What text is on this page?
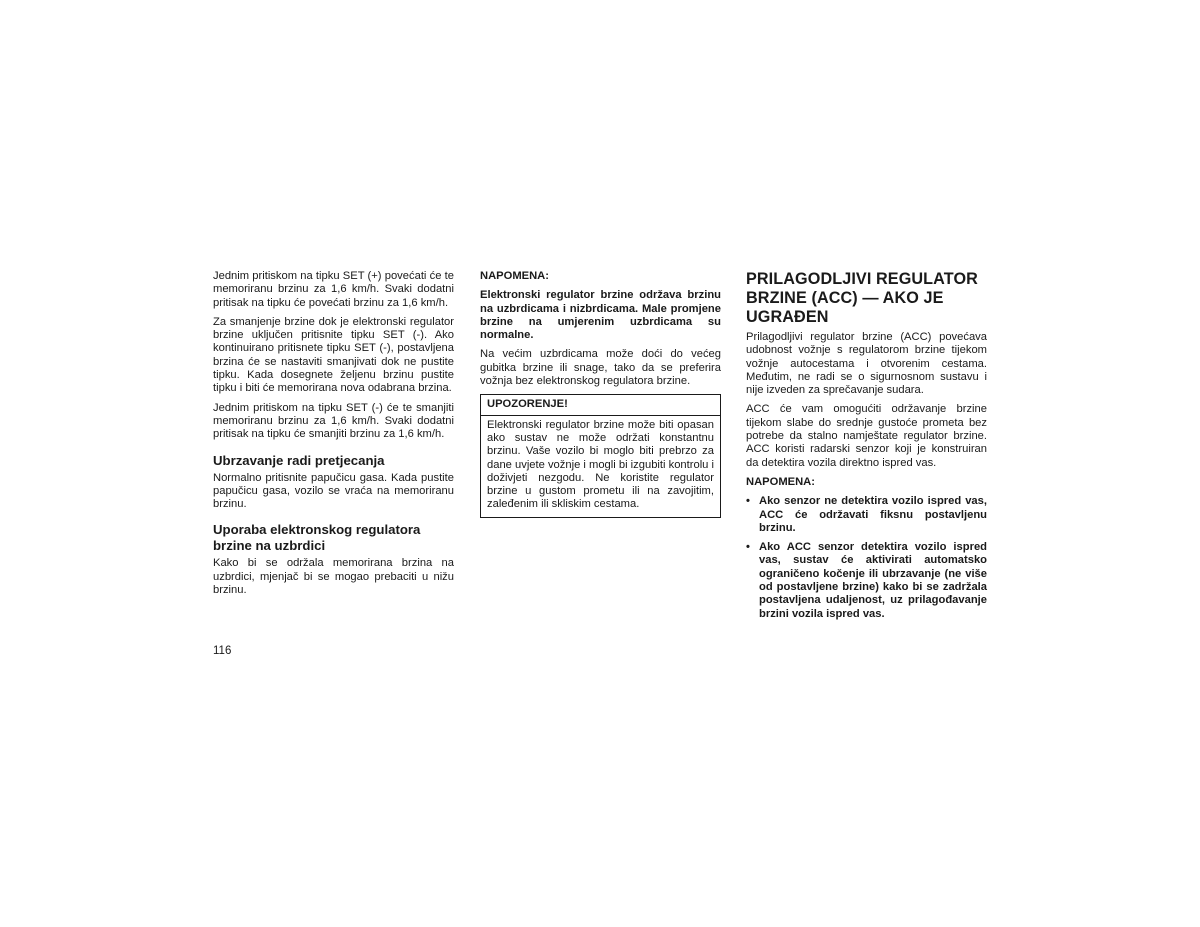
Jednim pritiskom na tipku SET (+) povećati će te memoriranu brzinu za 1,6 km/h. Svaki dodatni pritisak na tipku će povećati brzinu za 1,6 km/h.

Za smanjenje brzine dok je elektronski regulator brzine uključen pritisnite tipku SET (-). Ako kontinuirano pritisnete tipku SET (-), postavljena brzina će se nastaviti smanjivati dok ne pustite tipku. Kada dosegnete željenu brzinu pustite tipku i biti će memorirana nova odabrana brzina.

Jednim pritiskom na tipku SET (-) će te smanjiti memoriranu brzinu za 1,6 km/h. Svaki dodatni pritisak na tipku će smanjiti brzinu za 1,6 km/h.

Ubrzavanje radi pretjecanja

Normalno pritisnite papučicu gasa. Kada pustite papučicu gasa, vozilo se vraća na memoriranu brzinu.

Uporaba elektronskog regulatora brzine na uzbrdici

Kako bi se održala memorirana brzina na uzbrdici, mjenjač bi se mogao prebaciti u nižu brzinu.

NAPOMENA:

Elektronski regulator brzine održava brzinu na uzbrdicama i nizbrdicama. Male promjene brzine na umjerenim uzbrdicama su normalne.

Na većim uzbrdicama može doći do većeg gubitka brzine ili snage, tako da se preferira vožnja bez elektronskog regulatora brzine.

UPOZORENJE!

Elektronski regulator brzine može biti opasan ako sustav ne može održati konstantnu brzinu. Vaše vozilo bi moglo biti prebrzo za dane uvjete vožnje i mogli bi izgubiti kontrolu i doživjeti nezgodu. Ne koristite regulator brzine u gustom prometu ili na zavojitim, zaleđenim ili skliskim cestama.

PRILAGODLJIVI REGULATOR BRZINE (ACC) — AKO JE UGRAĐEN

Prilagodljivi regulator brzine (ACC) povećava udobnost vožnje s regulatorom brzine tijekom vožnje autocestama i otvorenim cestama. Međutim, ne radi se o sigurnosnom sustavu i nije izveden za sprečavanje sudara.

ACC će vam omogućiti održavanje brzine tijekom slabe do srednje gustoće prometa bez potrebe da stalno namještate regulator brzine. ACC koristi radarski senzor koji je konstruiran da detektira vozila direktno ispred vas.

NAPOMENA:

• Ako senzor ne detektira vozilo ispred vas, ACC će održavati fiksnu postavljenu brzinu.
• Ako ACC senzor detektira vozilo ispred vas, sustav će aktivirati automatsko ograničeno kočenje ili ubrzavanje (ne više od postavljene brzine) kako bi se zadržala postavljena udaljenost, uz prilagođavanje brzini vozila ispred vas.
116
